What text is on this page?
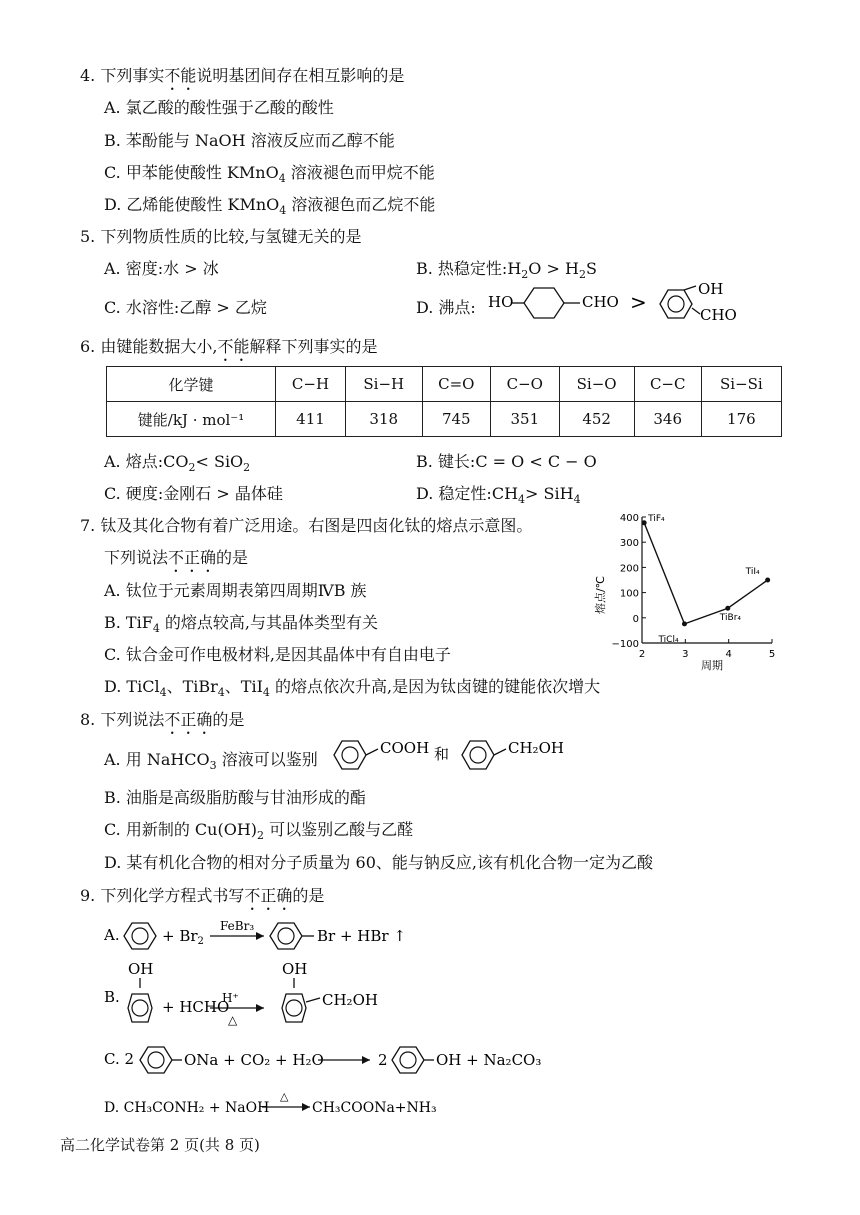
4. 下列事实不能说明基团间存在相互影响的是
A. 氯乙酸的酸性强于乙酸的酸性
B. 苯酚能与 NaOH 溶液反应而乙醇不能
C. 甲苯能使酸性 KMnO$_4$ 溶液褪色而甲烷不能
D. 乙烯能使酸性 KMnO$_4$ 溶液褪色而乙烷不能
5. 下列物质性质的比较,与氢键无关的是
A. 密度:水 > 冰	B. 热稳定性$:H_2O > H_2S$
C. 水溶性:乙醇 > 乙烷	D. 沸点: HO	CHO >
OH
CHO
6. 由键能数据大小,不能解释下列事实的是
化学键	C−H	Si−H	C=O	C−O	Si−O	C−C	Si−Si
键能/kJ · mol⁻¹	411	318	745	351	452	346	176
A. 熔点$:CO_2< SiO_2$	B. 键长:C = O < C − O
C. 硬度:金刚石 > 晶体硅	D. 稳定性$:CH_4> SiH_4$
7. 钛及其化合物有着广泛用途。右图是四卤化钛的熔点示意图。
下列说法不正确的是
A. 钛位于元素周期表第四周期ⅣB 族
B. TiF$_4$ 的熔点较高,与其晶体类型有关
C. 钛合金可作电极材料,是因其晶体中有自由电子
D. TiCl$_4$、TiBr$_4$、TiI$_4$ 的熔点依次升高,是因为钛卤键的键能依次增大
400
300
200
100
0
−100
2	3	4	5
TiF₄
TiCl₄
TiBr₄
TiI₄
熔点/℃
周期
8. 下列说法不正确的是
A. 用 NaHCO$_3$ 溶液可以鉴别
COOH 和	CH₂OH
B. 油脂是高级脂肪酸与甘油形成的酯
C. 用新制的 $Cu(OH)_2$ 可以鉴别乙酸与乙醛
D. 某有机化合物的相对分子质量为 60、能与钠反应,该有机化合物一定为乙酸
9. 下列化学方程式书写不正确的是
A.	+ $Br_2$
FeBr₃
Br + HBr ↑
B.
OH
+ HCHO
H⁺
△
OH
CH₂OH
C. 2	ONa + CO₂ + H₂O	2	OH + Na₂CO₃
D. CH₃CONH₂ + NaOH
△
CH₃COONa+NH₃
高二化学试卷第 2 页(共 8 页)
